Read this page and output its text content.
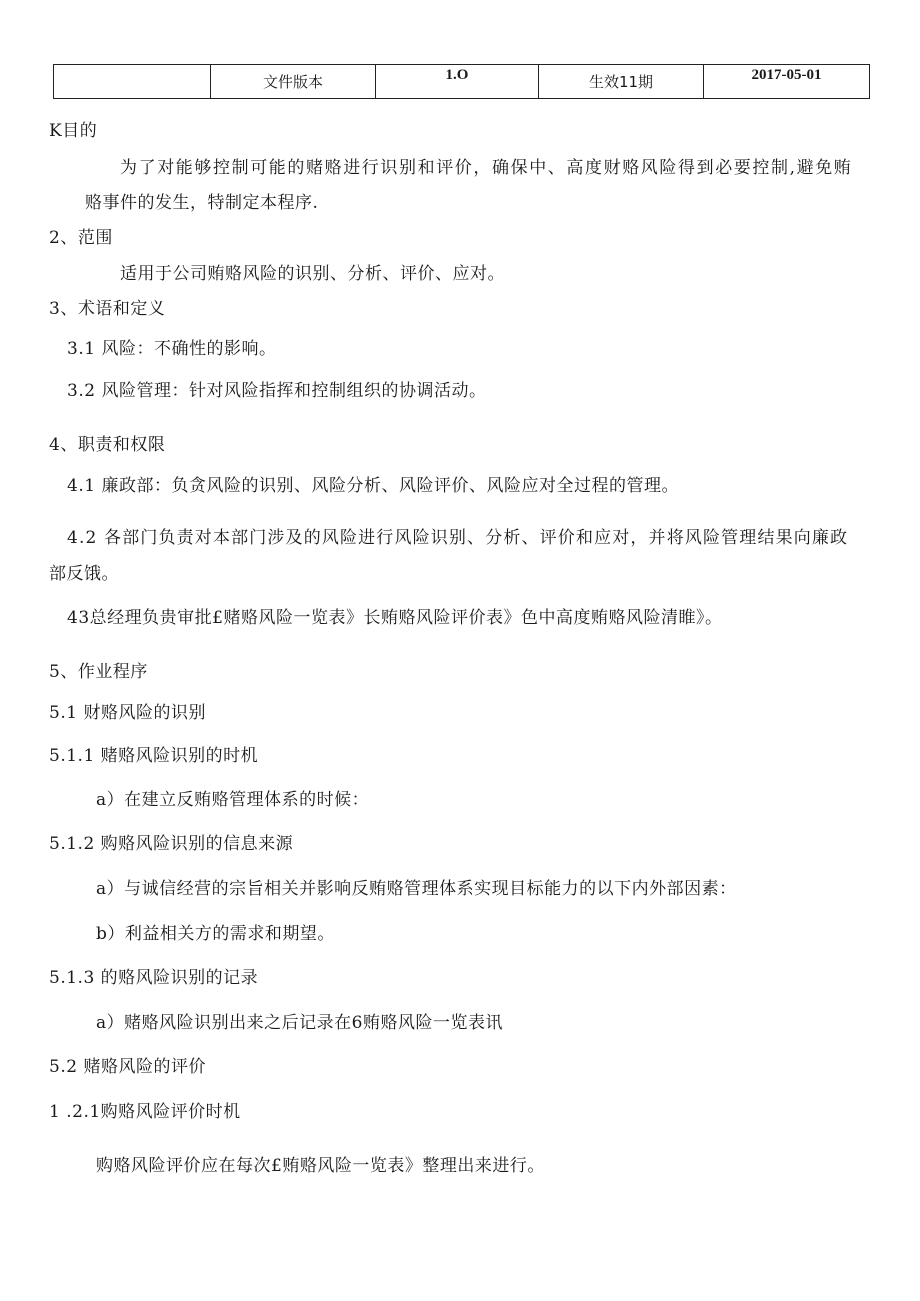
	文件版本	1.O	生效11期	2017-05-01
K目的
为了对能够控制可能的赌赂进行识别和评价，确保中、高度财赂风险得到必要控制,避免贿
赂事件的发生，特制定本程序.
2、范围
适用于公司贿赂风险的识别、分析、评价、应对。
3、术语和定义
3.1 风险：不确性的影响。
3.2 风险管理：针对风险指挥和控制组织的协调活动。
4、职责和权限
4.1 廉政部：负贪风险的识别、风险分析、风险评价、风险应对全过程的管理。
4.2 各部门负责对本部门涉及的风险进行风险识别、分析、评价和应对，并将风险管理结果向廉政
部反饿。
43总经理负贵审批£赌赂风险一览表》长贿赂风险评价表》色中高度贿赂风险清睢》。
5、作业程序
5.1 财赂风险的识别
5.1.1 赌赂风险识别的时机
a）在建立反贿赂管理体系的时候：
5.1.2 购赂风险识别的信息来源
a）与诚信经营的宗旨相关并影响反贿赂管理体系实现目标能力的以下内外部因素：
b）利益相关方的需求和期望。
5.1.3 的赂风险识别的记录
a）赌赂风险识别出来之后记录在6贿赂风险一览表讯
5.2 赌赂风险的评价
1 .2.1购赂风险评价时机
购赂风险评价应在每次£贿赂风险一览表》整理出来进行。
